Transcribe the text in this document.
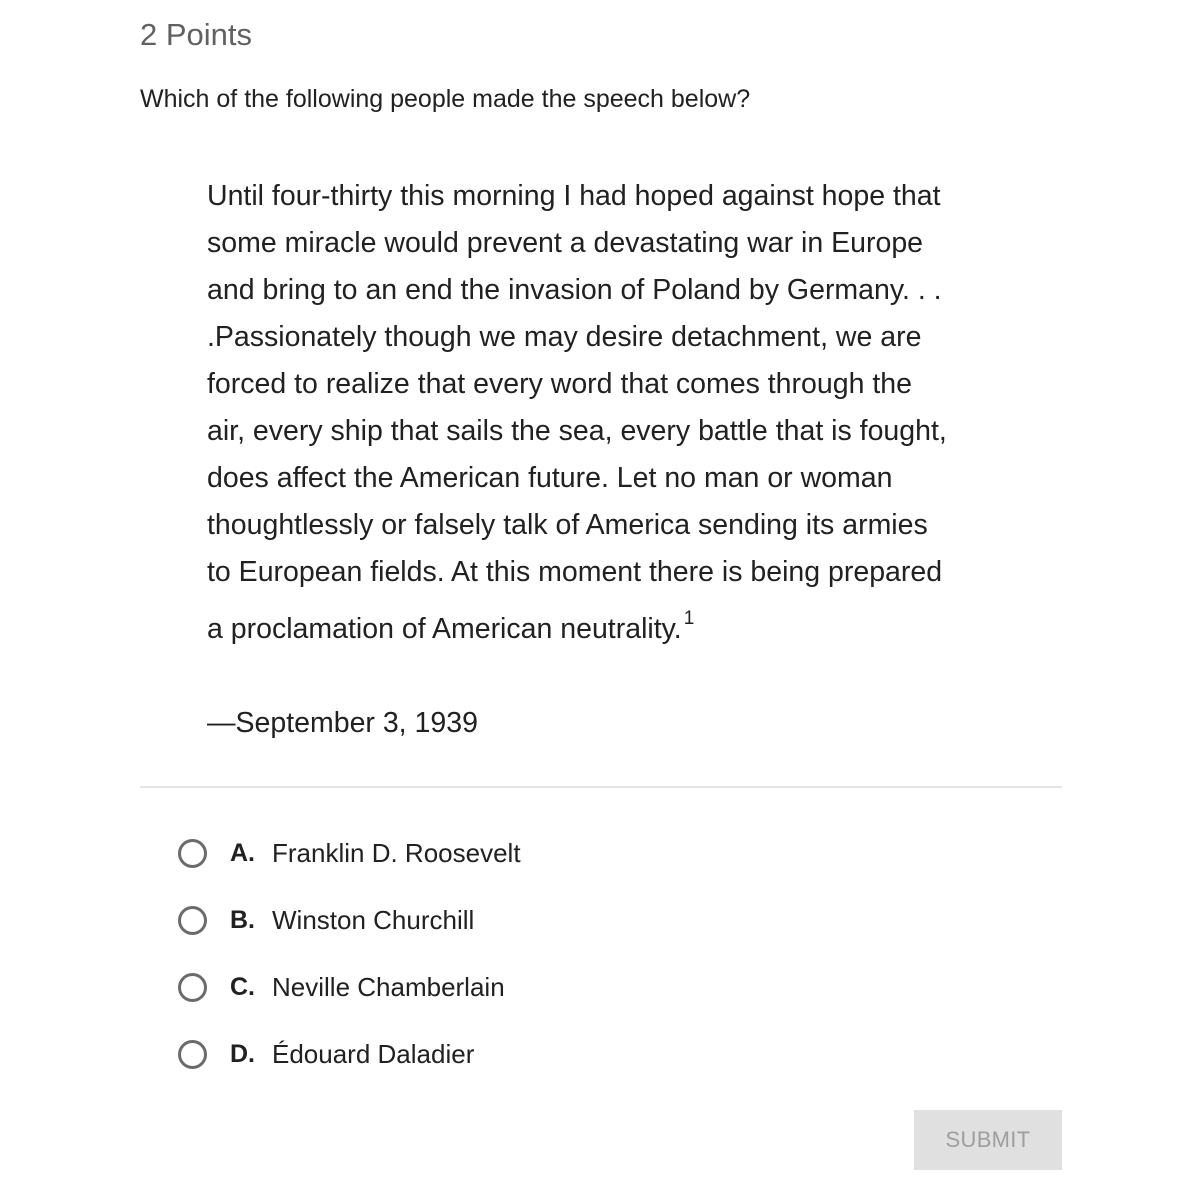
2 Points
Which of the following people made the speech below?
Until four-thirty this morning I had hoped against hope that
some miracle would prevent a devastating war in Europe
and bring to an end the invasion of Poland by Germany. . .
.Passionately though we may desire detachment, we are
forced to realize that every word that comes through the
air, every ship that sails the sea, every battle that is fought,
does affect the American future. Let no man or woman
thoughtlessly or falsely talk of America sending its armies
to European fields. At this moment there is being prepared
a proclamation of American neutrality. $^1$
—September 3, 1939
A. Franklin D. Roosevelt
B. Winston Churchill
C. Neville Chamberlain
D. Édouard Daladier
SUBMIT
